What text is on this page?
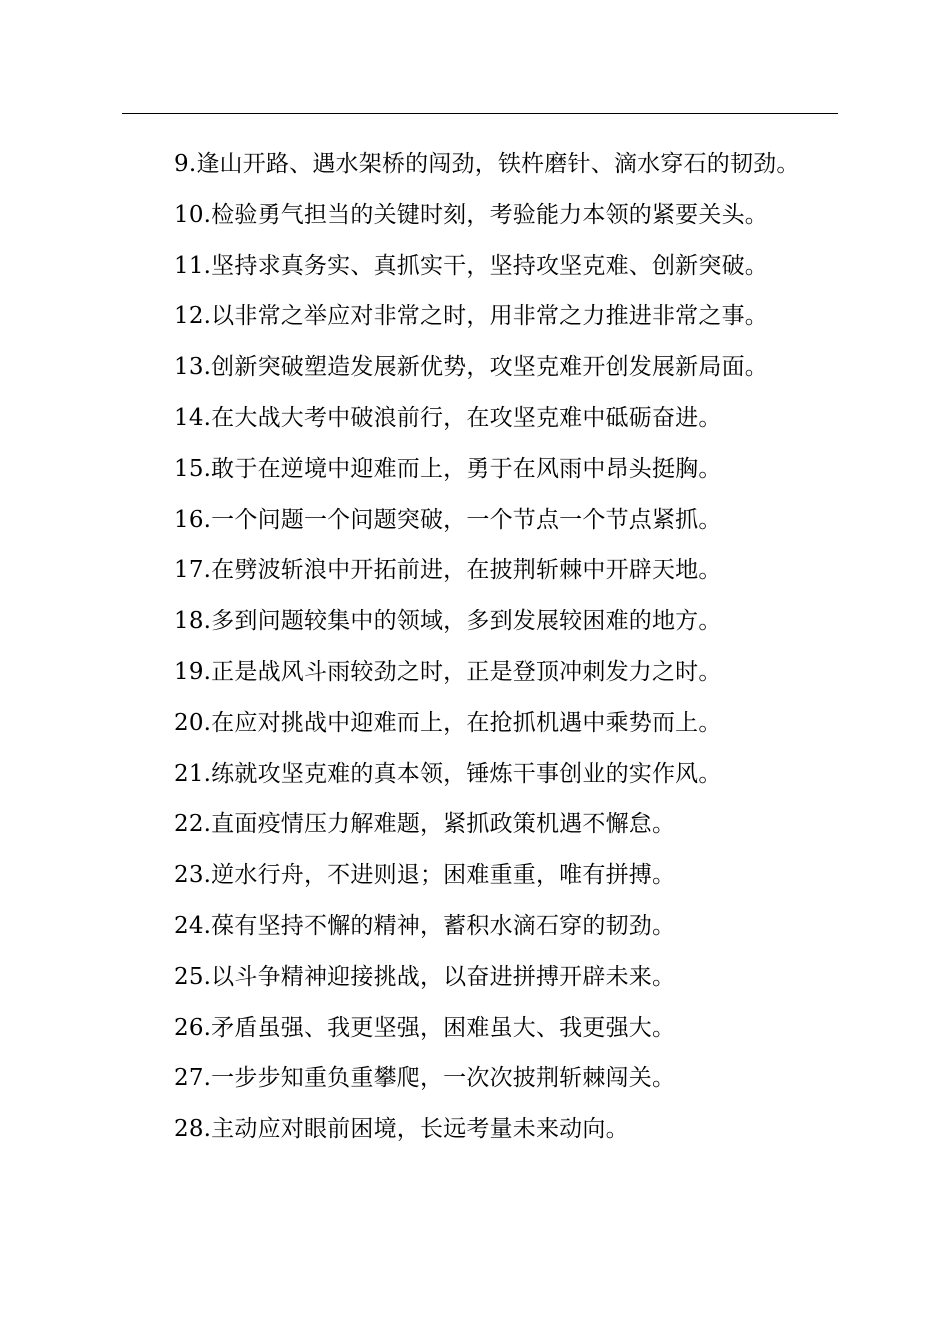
9.逢山开路、遇水架桥的闯劲，铁杵磨针、滴水穿石的韧劲。
10.检验勇气担当的关键时刻，考验能力本领的紧要关头。
11.坚持求真务实、真抓实干，坚持攻坚克难、创新突破。
12.以非常之举应对非常之时，用非常之力推进非常之事。
13.创新突破塑造发展新优势，攻坚克难开创发展新局面。
14.在大战大考中破浪前行，在攻坚克难中砥砺奋进。
15.敢于在逆境中迎难而上，勇于在风雨中昂头挺胸。
16.一个问题一个问题突破，一个节点一个节点紧抓。
17.在劈波斩浪中开拓前进，在披荆斩棘中开辟天地。
18.多到问题较集中的领域，多到发展较困难的地方。
19.正是战风斗雨较劲之时，正是登顶冲刺发力之时。
20.在应对挑战中迎难而上，在抢抓机遇中乘势而上。
21.练就攻坚克难的真本领，锤炼干事创业的实作风。
22.直面疫情压力解难题，紧抓政策机遇不懈怠。
23.逆水行舟，不进则退；困难重重，唯有拼搏。
24.葆有坚持不懈的精神，蓄积水滴石穿的韧劲。
25.以斗争精神迎接挑战，以奋进拼搏开辟未来。
26.矛盾虽强、我更坚强，困难虽大、我更强大。
27.一步步知重负重攀爬，一次次披荆斩棘闯关。
28.主动应对眼前困境，长远考量未来动向。
